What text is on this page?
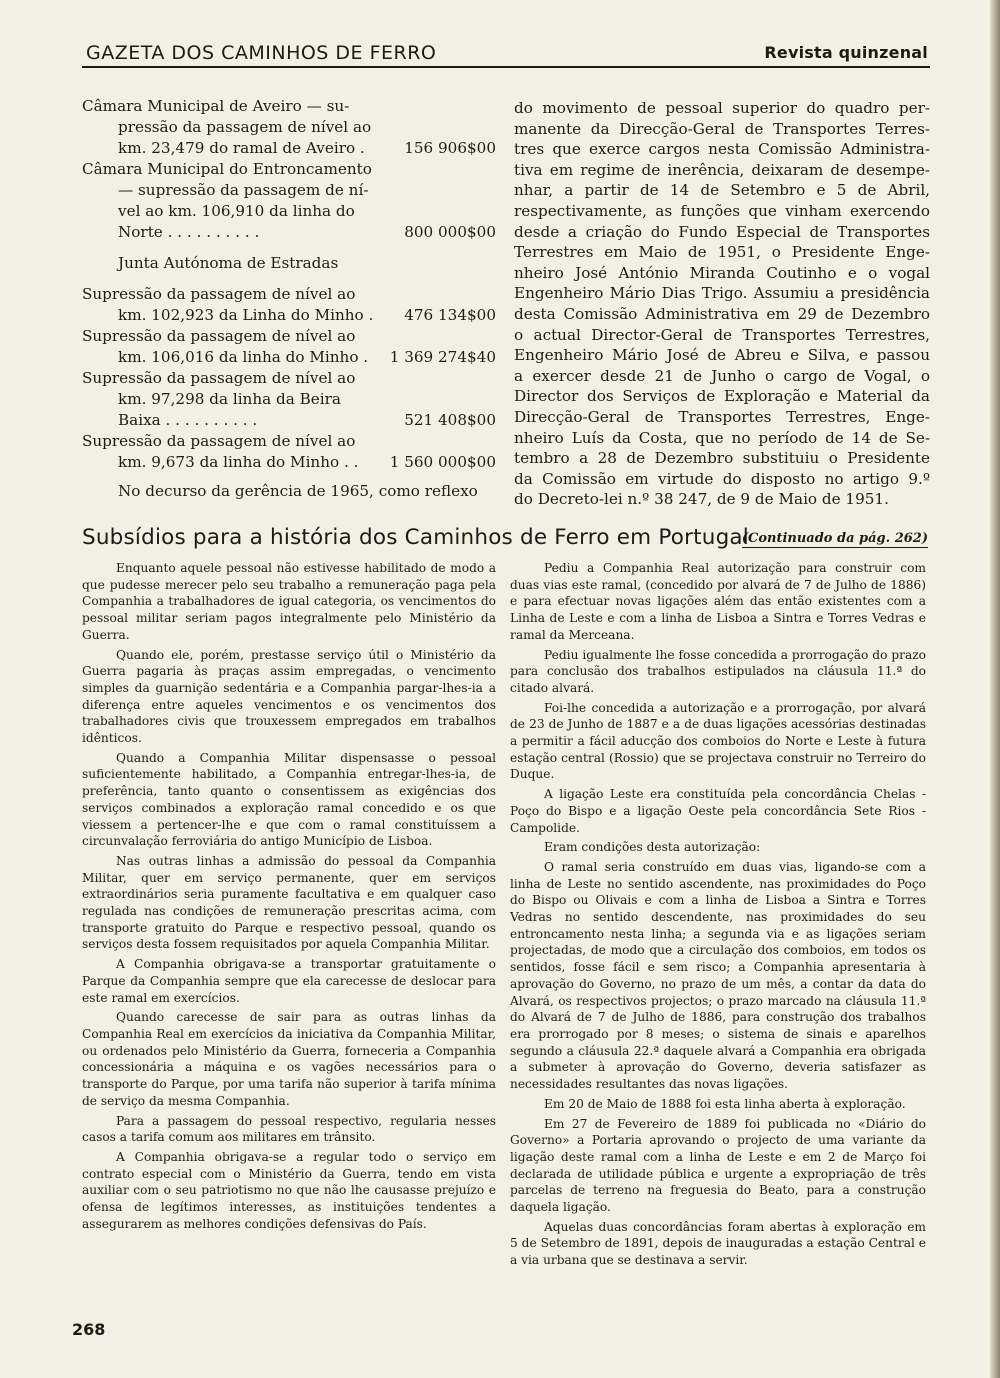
GAZETA DOS CAMINHOS DE FERRO	Revista quinzenal
Câmara Municipal de Aveiro — su-
pressão da passagem de nível ao
km. 23,479 do ramal de Aveiro .	156 906$00
Câmara Municipal do Entroncamento
— supressão da passagem de ní-
vel ao km. 106,910 da linha do
Norte . . . . . . . . . .	800 000$00
Junta Autónoma de Estradas
Supressão da passagem de nível ao
km. 102,923 da Linha do Minho . 476 134$00
Supressão da passagem de nível ao
km. 106,016 da linha do Minho . 1 369 274$40
Supressão da passagem de nível ao
km. 97,298 da linha da Beira
Baixa . . . . . . . . . .	521 408$00
Supressão da passagem de nível ao
km. 9,673 da linha do Minho . . 1 560 000$00
No decurso da gerência de 1965, como reflexo
do movimento de pessoal superior do quadro per-
manente da Direcção-Geral de Transportes Terres-
tres que exerce cargos nesta Comissão Administra-
tiva em regime de inerência, deixaram de desempe-
nhar, a partir de 14 de Setembro e 5 de Abril,
respectivamente, as funções que vinham exercendo
desde a criação do Fundo Especial de Transportes
Terrestres em Maio de 1951, o Presidente Enge-
nheiro José António Miranda Coutinho e o vogal
Engenheiro Mário Dias Trigo. Assumiu a presidência
desta Comissão Administrativa em 29 de Dezembro
o actual Director-Geral de Transportes Terrestres,
Engenheiro Mário José de Abreu e Silva, e passou
a exercer desde 21 de Junho o cargo de Vogal, o
Director dos Serviços de Exploração e Material da
Direcção-Geral de Transportes Terrestres, Enge-
nheiro Luís da Costa, que no período de 14 de Se-
tembro a 28 de Dezembro substituiu o Presidente
da Comissão em virtude do disposto no artigo 9.º
do Decreto-lei n.º 38 247, de 9 de Maio de 1951.
Subsídios para a história dos Caminhos de Ferro em Portugal
(Continuado da pág. 262)

Enquanto aquele pessoal não estivesse habilitado de modo a que pudesse merecer pelo seu trabalho a remuneração paga pela Companhia a trabalhadores de igual categoria, os vencimentos do pessoal militar seriam pagos integralmente pelo Ministério da Guerra.

Quando ele, porém, prestasse serviço útil o Ministério da Guerra pagaria às praças assim empregadas, o vencimento simples da guarnição sedentária e a Companhia pargar-lhes-ia a diferença entre aqueles vencimentos e os vencimentos dos trabalhadores civis que trouxessem empregados em trabalhos idênticos.

Quando a Companhia Militar dispensasse o pessoal suficientemente habilitado, a Companhia entregar-lhes-ia, de preferência, tanto quanto o consentissem as exigências dos serviços combinados a exploração ramal concedido e os que viessem a pertencer-lhe e que com o ramal constituíssem a circunvalação ferroviária do antigo Município de Lisboa.

Nas outras linhas a admissão do pessoal da Companhia Militar, quer em serviço permanente, quer em serviços extraordinários seria puramente facultativa e em qualquer caso regulada nas condições de remuneração prescritas acima, com transporte gratuito do Parque e respectivo pessoal, quando os serviços desta fossem requisitados por aquela Companhia Militar.

A Companhia obrigava-se a transportar gratuitamente o Parque da Companhia sempre que ela carecesse de deslocar para este ramal em exercícios.

Quando carecesse de sair para as outras linhas da Companhia Real em exercícios da iniciativa da Companhia Militar, ou ordenados pelo Ministério da Guerra, forneceria a Companhia concessionária a máquina e os vagões necessários para o transporte do Parque, por uma tarifa não superior à tarifa mínima de serviço da mesma Companhia.

Para a passagem do pessoal respectivo, regularia nesses casos a tarifa comum aos militares em trânsito.

A Companhia obrigava-se a regular todo o serviço em contrato especial com o Ministério da Guerra, tendo em vista auxiliar com o seu patriotismo no que não lhe causasse prejuízo e ofensa de legítimos interesses, as instituições tendentes a assegurarem as melhores condições defensivas do País.

Pediu a Companhia Real autorização para construir com duas vias este ramal, (concedido por alvará de 7 de Julho de 1886) e para efectuar novas ligações além das então existentes com a Linha de Leste e com a linha de Lisboa a Sintra e Torres Vedras e ramal da Merceana.

Pediu igualmente lhe fosse concedida a prorrogação do prazo para conclusão dos trabalhos estipulados na cláusula 11.ª do citado alvará.

Foi-lhe concedida a autorização e a prorrogação, por alvará de 23 de Junho de 1887 e a de duas ligações acessórias destinadas a permitir a fácil aducção dos comboios do Norte e Leste à futura estação central (Rossio) que se projectava construir no Terreiro do Duque.

A ligação Leste era constituída pela concordância Chelas - Poço do Bispo e a ligação Oeste pela concordância Sete Rios - Campolide.

Eram condições desta autorização:

O ramal seria construído em duas vias, ligando-se com a linha de Leste no sentido ascendente, nas proximidades do Poço do Bispo ou Olivais e com a linha de Lisboa a Sintra e Torres Vedras no sentido descendente, nas proximidades do seu entroncamento nesta linha; a segunda via e as ligações seriam projectadas, de modo que a circulação dos comboios, em todos os sentidos, fosse fácil e sem risco; a Companhia apresentaria à aprovação do Governo, no prazo de um mês, a contar da data do Alvará, os respectivos projectos; o prazo marcado na cláusula 11.ª do Alvará de 7 de Julho de 1886, para construção dos trabalhos era prorrogado por 8 meses; o sistema de sinais e aparelhos segundo a cláusula 22.ª daquele alvará a Companhia era obrigada a submeter à aprovação do Governo, deveria satisfazer as necessidades resultantes das novas ligações.

Em 20 de Maio de 1888 foi esta linha aberta à exploração.

Em 27 de Fevereiro de 1889 foi publicada no «Diário do Governo» a Portaria aprovando o projecto de uma variante da ligação deste ramal com a linha de Leste e em 2 de Março foi declarada de utilidade pública e urgente a expropriação de três parcelas de terreno na freguesia do Beato, para a construção daquela ligação.

Aquelas duas concordâncias foram abertas à exploração em 5 de Setembro de 1891, depois de inauguradas a estação Central e a via urbana que se destinava a servir.

268
